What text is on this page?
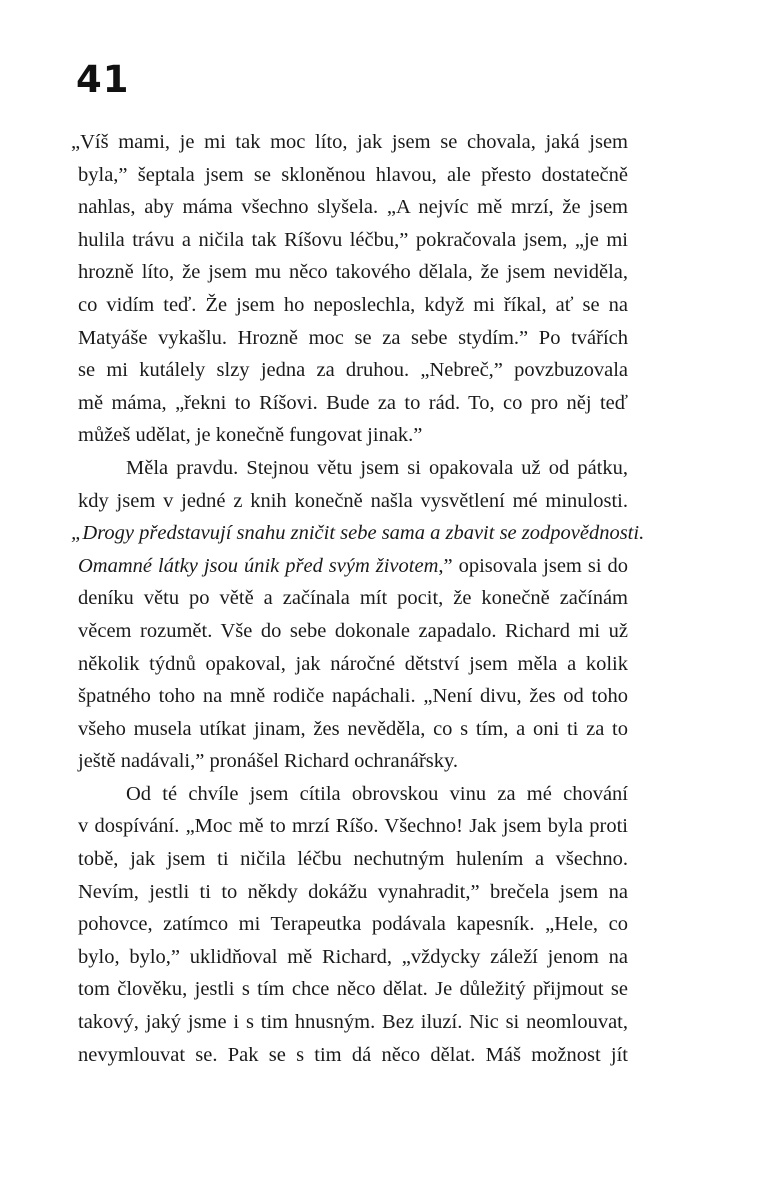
41
„Víš mami, je mi tak moc líto, jak jsem se chovala, jaká jsem
byla,” šeptala jsem se skloněnou hlavou, ale přesto dostatečně
nahlas, aby máma všechno slyšela. „A nejvíc mě mrzí, že jsem
hulila trávu a ničila tak Ríšovu léčbu,” pokračovala jsem, „je mi
hrozně líto, že jsem mu něco takového dělala, že jsem neviděla,
co vidím teď. Že jsem ho neposlechla, když mi říkal, ať se na
Matyáše vykašlu. Hrozně moc se za sebe stydím.” Po tvářích
se mi kutálely slzy jedna za druhou. „Nebreč,” povzbuzovala
mě máma, „řekni to Ríšovi. Bude za to rád. To, co pro něj teď
můžeš udělat, je konečně fungovat jinak.”
Měla pravdu. Stejnou větu jsem si opakovala už od pátku,
kdy jsem v jedné z knih konečně našla vysvětlení mé minulosti.
„Drogy představují snahu zničit sebe sama a zbavit se zodpovědnosti.
Omamné látky jsou únik před svým životem,” opisovala jsem si do
deníku větu po větě a začínala mít pocit, že konečně začínám
věcem rozumět. Vše do sebe dokonale zapadalo. Richard mi už
několik týdnů opakoval, jak náročné dětství jsem měla a kolik
špatného toho na mně rodiče napáchali. „Není divu, žes od toho
všeho musela utíkat jinam, žes nevěděla, co s tím, a oni ti za to
ještě nadávali,” pronášel Richard ochranářsky.
Od té chvíle jsem cítila obrovskou vinu za mé chování
v dospívání. „Moc mě to mrzí Ríšo. Všechno! Jak jsem byla proti
tobě, jak jsem ti ničila léčbu nechutným hulením a všechno.
Nevím, jestli ti to někdy dokážu vynahradit,” brečela jsem na
pohovce, zatímco mi Terapeutka podávala kapesník. „Hele, co
bylo, bylo,” uklidňoval mě Richard, „vždycky záleží jenom na
tom člověku, jestli s tím chce něco dělat. Je důležitý přijmout se
takový, jaký jsme i s tim hnusným. Bez iluzí. Nic si neomlouvat,
nevymlouvat se. Pak se s tim dá něco dělat. Máš možnost jít
